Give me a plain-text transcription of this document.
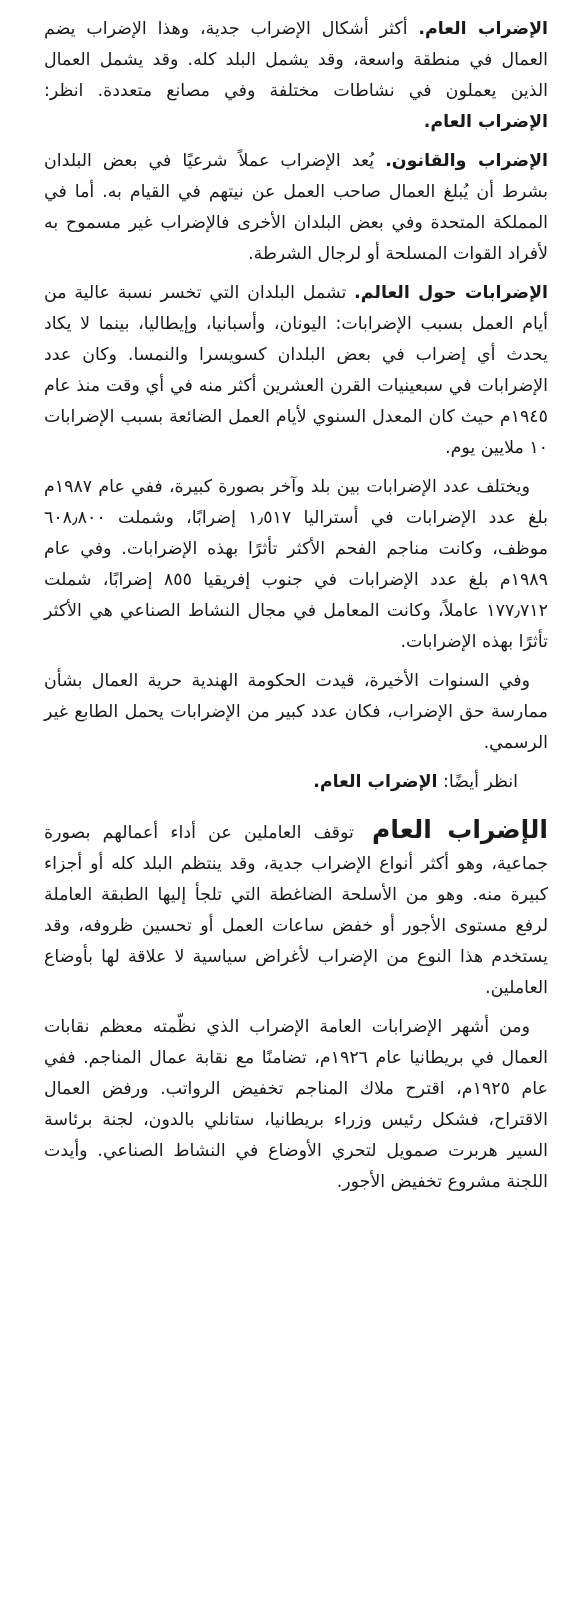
الإضراب العام. أكثر أشكال الإضراب جدية، وهذا الإضراب يضم العمال في منطقة واسعة، وقد يشمل البلد كله. وقد يشمل العمال الذين يعملون في نشاطات مختلفة وفي مصانع متعددة. انظر: الإضراب العام.

الإضراب والقانون. يُعد الإضراب عملاً شرعيًا في بعض البلدان بشرط أن يُبلغ العمال صاحب العمل عن نيتهم في القيام به. أما في المملكة المتحدة وفي بعض البلدان الأخرى فالإضراب غير مسموح به لأفراد القوات المسلحة أو لرجال الشرطة.

الإضرابات حول العالم. تشمل البلدان التي تخسر نسبة عالية من أيام العمل بسبب الإضرابات: اليونان، وأسبانيا، وإيطاليا، بينما لا يكاد يحدث أي إضراب في بعض البلدان كسويسرا والنمسا. وكان عدد الإضرابات في سبعينيات القرن العشرين أكثر منه في أي وقت منذ عام ١٩٤٥م حيث كان المعدل السنوي لأيام العمل الضائعة بسبب الإضرابات ١٠ ملايين يوم.

ويختلف عدد الإضرابات بين بلد وآخر بصورة كبيرة، ففي عام ١٩٨٧م بلغ عدد الإضرابات في أستراليا ١٫٥١٧ إضرابًا، وشملت ٦٠٨٫٨٠٠ موظف، وكانت مناجم الفحم الأكثر تأثرًا بهذه الإضرابات. وفي عام ١٩٨٩م بلغ عدد الإضرابات في جنوب إفريقيا ٨٥٥ إضرابًا، شملت ١٧٧٫٧١٢ عاملاً، وكانت المعامل في مجال النشاط الصناعي هي الأكثر تأثرًا بهذه الإضرابات.

وفي السنوات الأخيرة، قيدت الحكومة الهندية حرية العمال بشأن ممارسة حق الإضراب، فكان عدد كبير من الإضرابات يحمل الطابع غير الرسمي.

انظر أيضًا: الإضراب العام.

الإضراب العام توقف العاملين عن أداء أعمالهم بصورة جماعية، وهو أكثر أنواع الإضراب جدية، وقد ينتظم البلد كله أو أجزاء كبيرة منه. وهو من الأسلحة الضاغطة التي تلجأ إليها الطبقة العاملة لرفع مستوى الأجور أو خفض ساعات العمل أو تحسين ظروفه، وقد يستخدم هذا النوع من الإضراب لأغراض سياسية لا علاقة لها بأوضاع العاملين.

ومن أشهر الإضرابات العامة الإضراب الذي نظّمته معظم نقابات العمال في بريطانيا عام ١٩٢٦م، تضامنًا مع نقابة عمال المناجم. ففي عام ١٩٢٥م، اقترح ملاك المناجم تخفيض الرواتب. ورفض العمال الاقتراح، فشكل رئيس وزراء بريطانيا، ستانلي بالدون، لجنة برئاسة السير هربرت صمويل لتحري الأوضاع في النشاط الصناعي. وأيدت اللجنة مشروع تخفيض الأجور.
